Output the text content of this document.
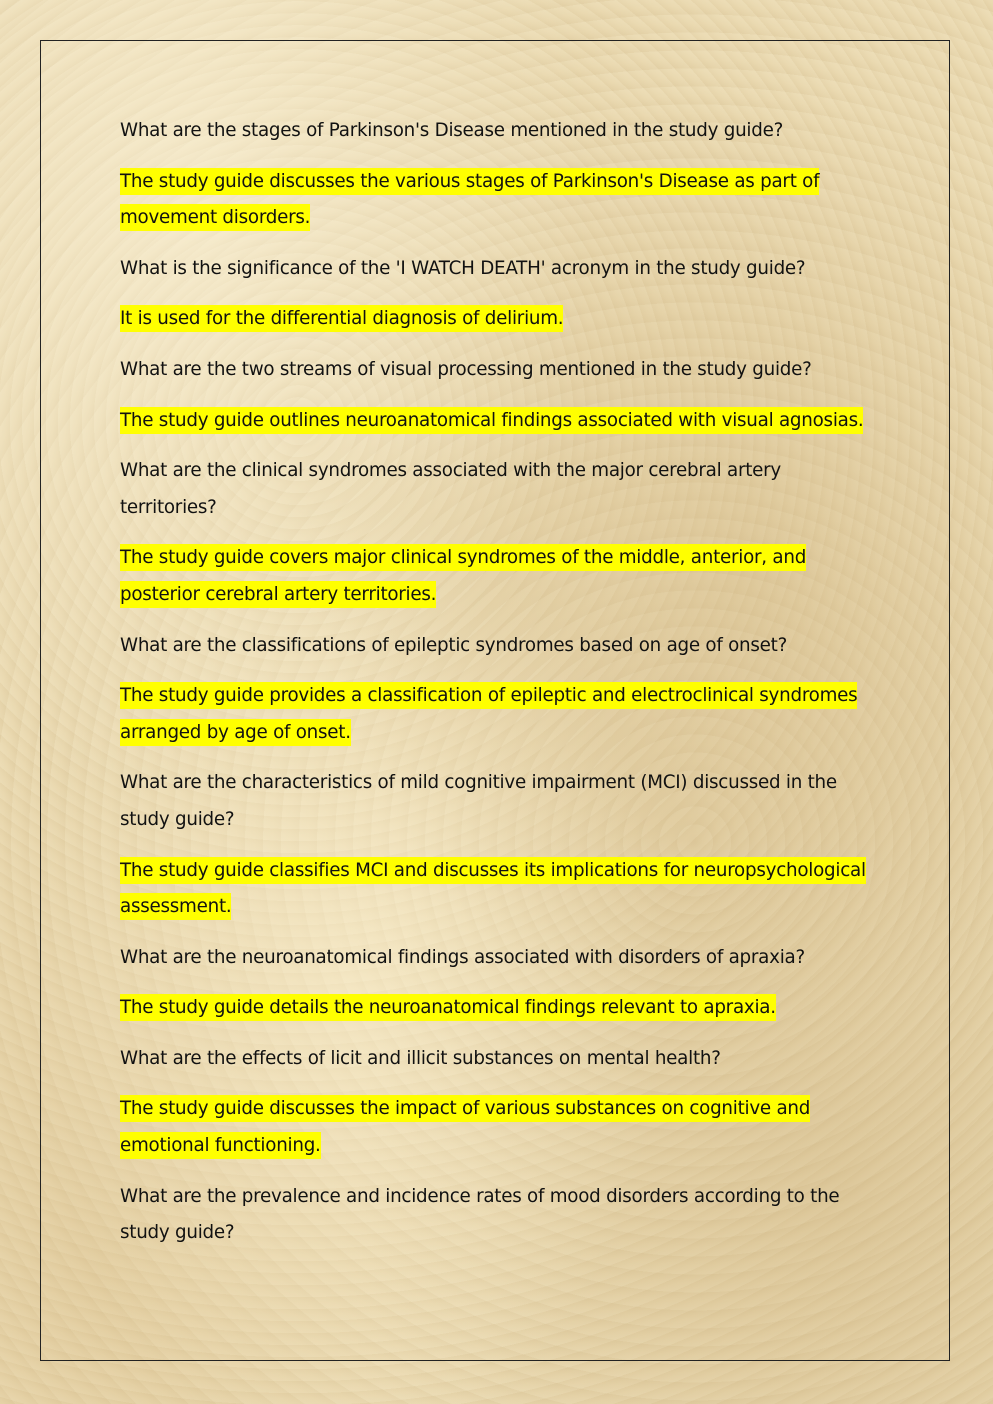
What are the stages of Parkinson's Disease mentioned in the study guide?

The study guide discusses the various stages of Parkinson's Disease as part of movement disorders.

What is the significance of the 'I WATCH DEATH' acronym in the study guide?

It is used for the differential diagnosis of delirium.

What are the two streams of visual processing mentioned in the study guide?

The study guide outlines neuroanatomical findings associated with visual agnosias.

What are the clinical syndromes associated with the major cerebral artery territories?

The study guide covers major clinical syndromes of the middle, anterior, and posterior cerebral artery territories.

What are the classifications of epileptic syndromes based on age of onset?

The study guide provides a classification of epileptic and electroclinical syndromes arranged by age of onset.

What are the characteristics of mild cognitive impairment (MCI) discussed in the study guide?

The study guide classifies MCI and discusses its implications for neuropsychological assessment.

What are the neuroanatomical findings associated with disorders of apraxia?

The study guide details the neuroanatomical findings relevant to apraxia.

What are the effects of licit and illicit substances on mental health?

The study guide discusses the impact of various substances on cognitive and emotional functioning.

What are the prevalence and incidence rates of mood disorders according to the study guide?
